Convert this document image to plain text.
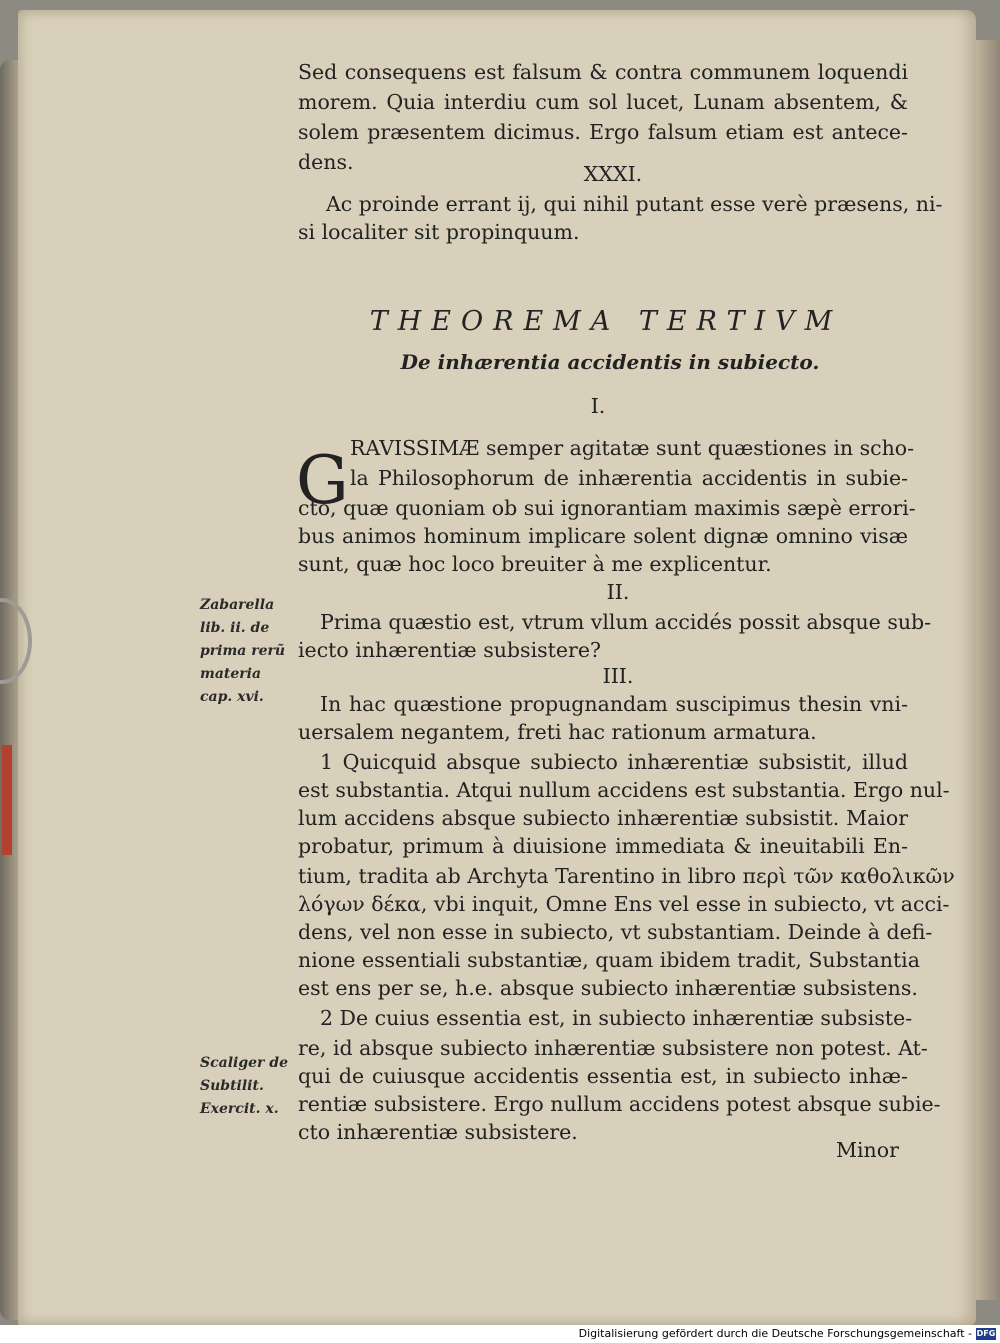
Sed consequens est falsum & contra communem loquendi

morem. Quia interdiu cum sol lucet, Lunam absentem, &

solem præsentem dicimus. Ergo falsum etiam est antece-

dens.	XXXI.

Ac proinde errant ij, qui nihil putant esse verè præsens, ni-

si localiter sit propinquum.

THEOREMA TERTIVM

De inhærentia accidentis in subiecto.

I.

G RAVISSIMÆ semper agitatæ sunt quæstiones in scho-

la Philosophorum de inhærentia accidentis in subie-

cto, quæ quoniam ob sui ignorantiam maximis sæpè errori-

bus animos hominum implicare solent dignæ omnino visæ

sunt, quæ hoc loco breuiter à me explicentur.

II.

Prima quæstio est, vtrum vllum accidés possit absque sub-

iecto inhærentiæ subsistere?

III.

In hac quæstione propugnandam suscipimus thesin vni-

uersalem negantem, freti hac rationum armatura.

1 Quicquid absque subiecto inhærentiæ subsistit, illud

est substantia. Atqui nullum accidens est substantia. Ergo nul-

lum accidens absque subiecto inhærentiæ subsistit. Maior

probatur, primum à diuisione immediata & ineuitabili En-

tium, tradita ab Archyta Tarentino in libro περὶ τῶν καθολικῶν

λόγων δέκα, vbi inquit, Omne Ens vel esse in subiecto, vt acci-

dens, vel non esse in subiecto, vt substantiam. Deinde à defi-

nione essentiali substantiæ, quam ibidem tradit, Substantia

est ens per se, h.e. absque subiecto inhærentiæ subsistens.

2 De cuius essentia est, in subiecto inhærentiæ subsiste-

re, id absque subiecto inhærentiæ subsistere non potest. At-

qui de cuiusque accidentis essentia est, in subiecto inhæ-

rentiæ subsistere. Ergo nullum accidens potest absque subie-

cto inhærentiæ subsistere.

Minor

Zabarella
lib. ii. de
prima rerũ
materia
cap. xvi.
Scaliger de
Subtilit.
Exercit. x.
Digitalisierung gefördert durch die Deutsche Forschungsgemeinschaft - DFG
